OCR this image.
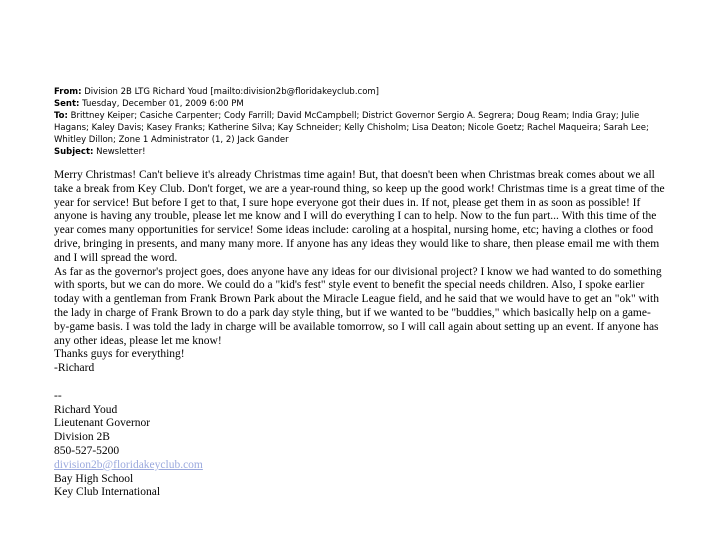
From: Division 2B LTG Richard Youd [mailto:division2b@floridakeyclub.com]
Sent: Tuesday, December 01, 2009 6:00 PM
To: Brittney Keiper; Casiche Carpenter; Cody Farrill; David McCampbell; District Governor Sergio A. Segrera; Doug Ream; India Gray; Julie Hagans; Kaley Davis; Kasey Franks; Katherine Silva; Kay Schneider; Kelly Chisholm; Lisa Deaton; Nicole Goetz; Rachel Maqueira; Sarah Lee; Whitley Dillon; Zone 1 Administrator (1, 2) Jack Gander
Subject: Newsletter!

Merry Christmas! Can't believe it's already Christmas time again! But, that doesn't been when Christmas break comes about we all take a break from Key Club. Don't forget, we are a year-round thing, so keep up the good work! Christmas time is a great time of the year for service! But before I get to that, I sure hope everyone got their dues in. If not, please get them in as soon as possible! If anyone is having any trouble, please let me know and I will do everything I can to help. Now to the fun part... With this time of the year comes many opportunities for service! Some ideas include: caroling at a hospital, nursing home, etc; having a clothes or food drive, bringing in presents, and many many more. If anyone has any ideas they would like to share, then please email me with them and I will spread the word.

As far as the governor's project goes, does anyone have any ideas for our divisional project? I know we had wanted to do something with sports, but we can do more. We could do a "kid's fest" style event to benefit the special needs children. Also, I spoke earlier today with a gentleman from Frank Brown Park about the Miracle League field, and he said that we would have to get an "ok" with the lady in charge of Frank Brown to do a park day style thing, but if we wanted to be "buddies," which basically help on a game-by-game basis. I was told the lady in charge will be available tomorrow, so I will call again about setting up an event. If anyone has any other ideas, please let me know!

Thanks guys for everything!

-Richard

--
Richard Youd
Lieutenant Governor
Division 2B
850-527-5200
division2b@floridakeyclub.com
Bay High School
Key Club International
